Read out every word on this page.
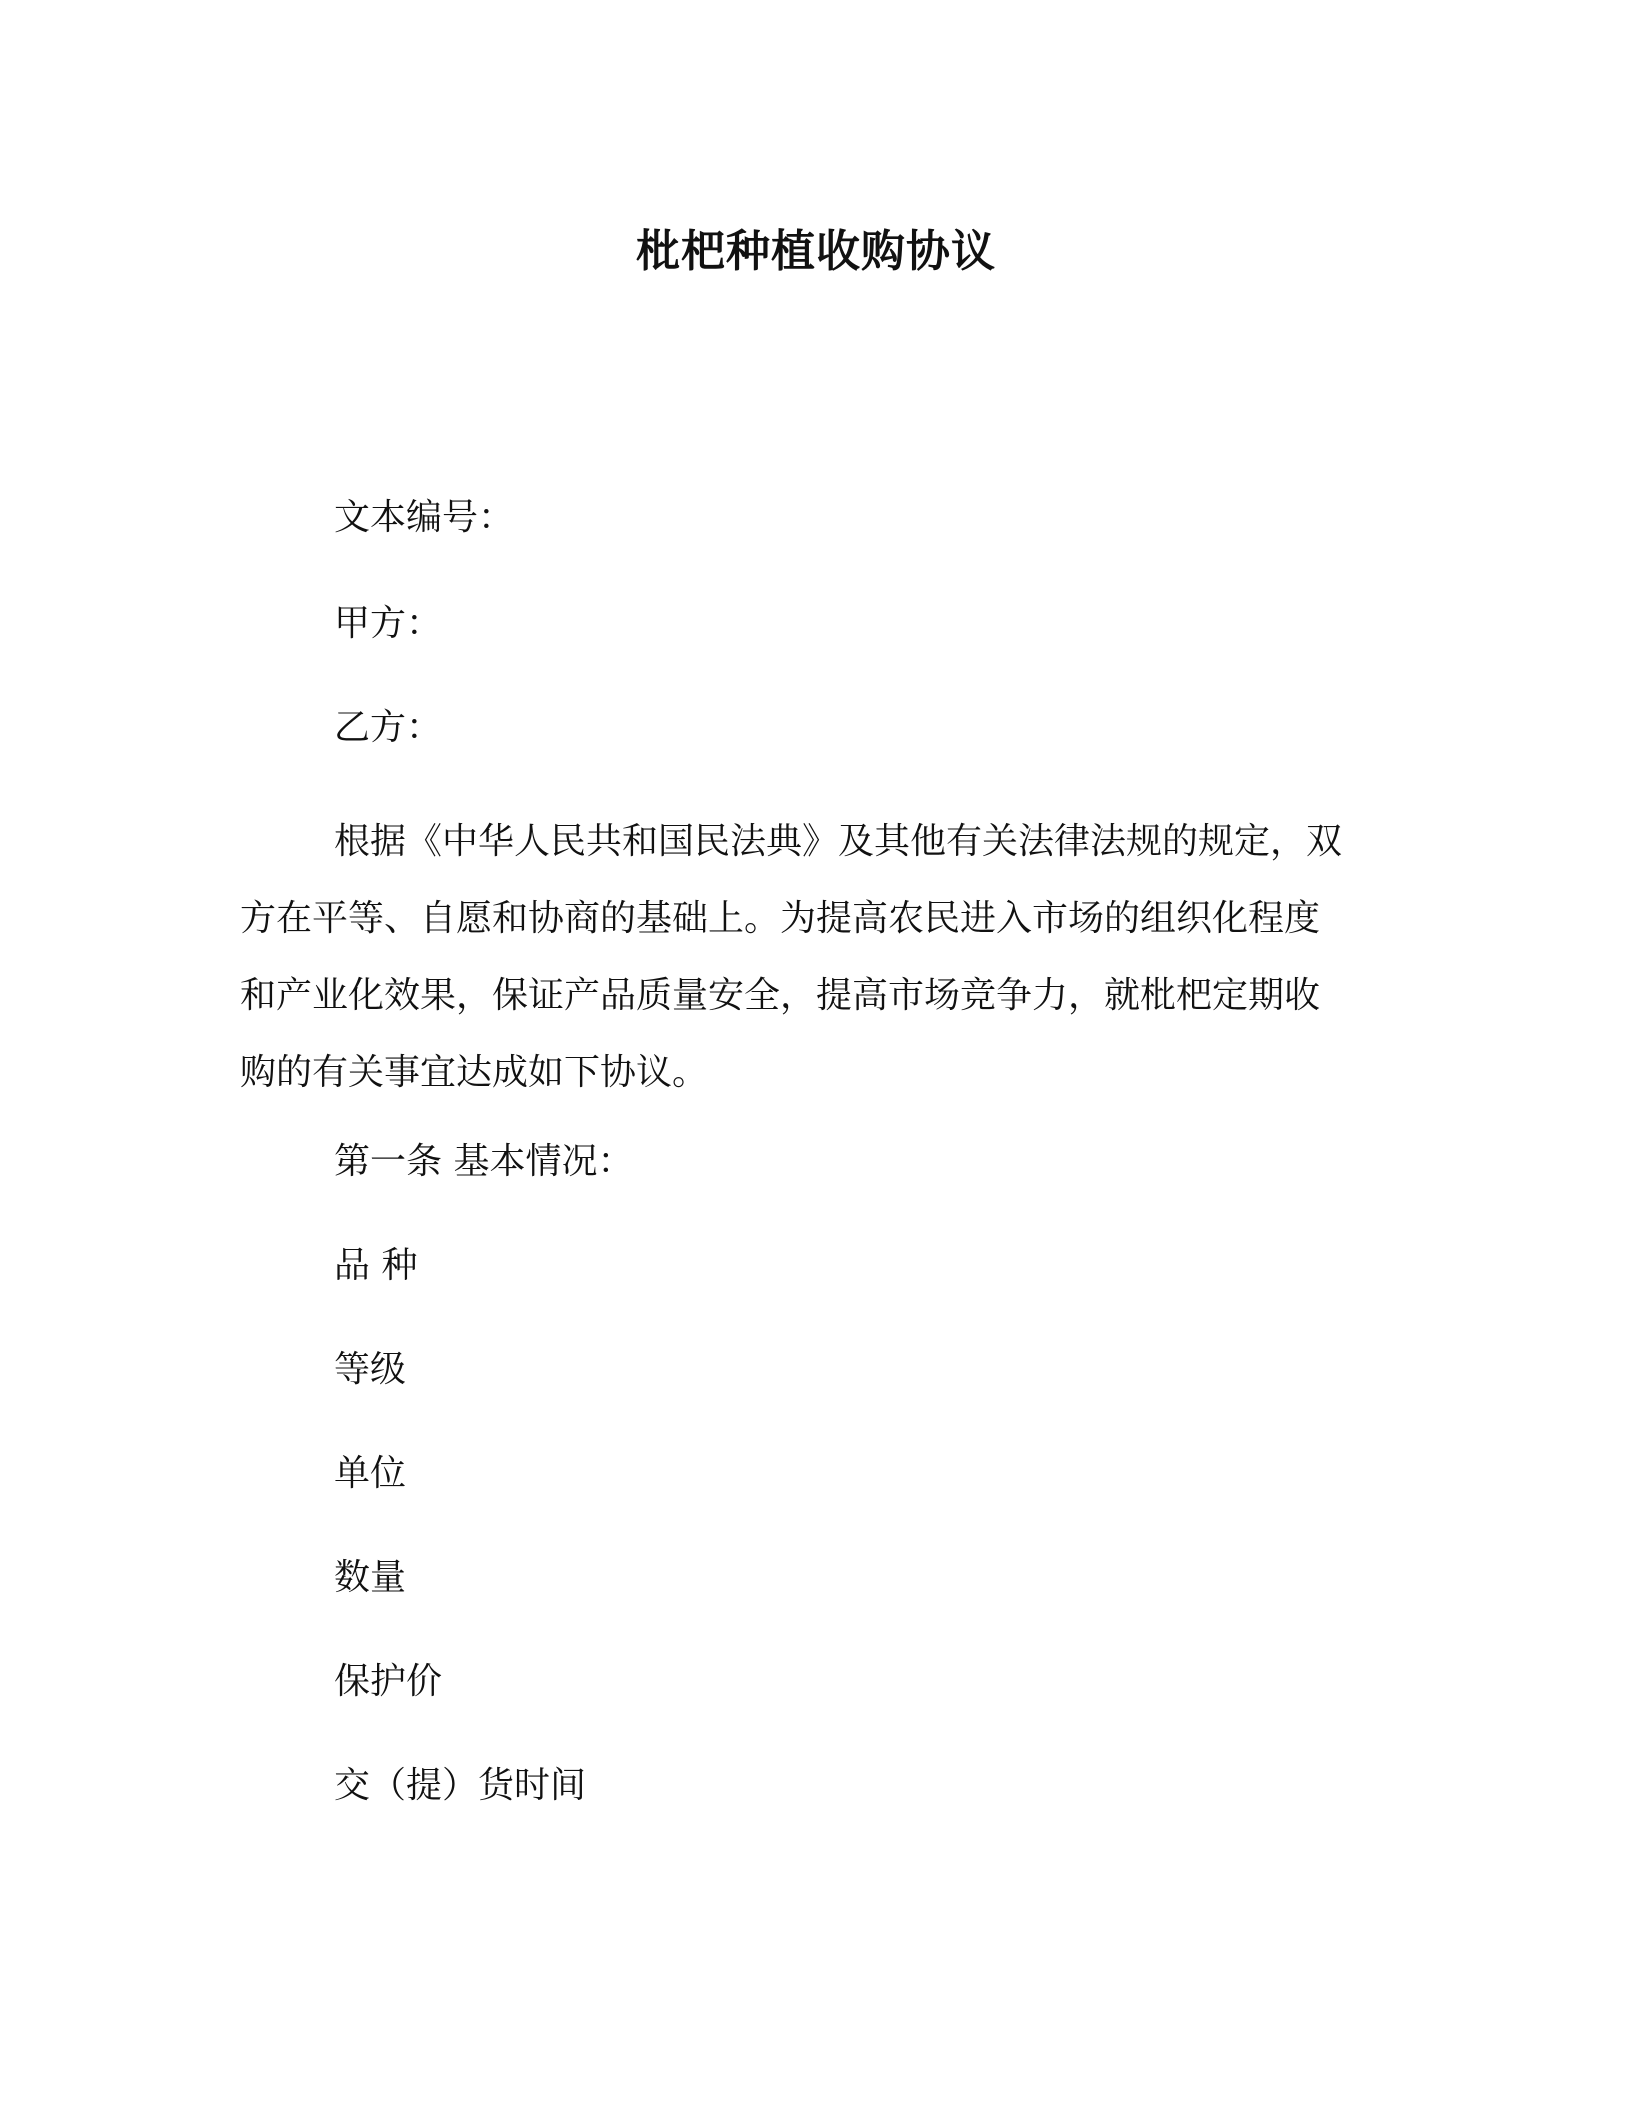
枇杷种植收购协议
文本编号：
甲方：
乙方：
根据《中华人民共和国民法典》及其他有关法律法规的规定，双
方在平等、自愿和协商的基础上。为提高农民进入市场的组织化程度
和产业化效果，保证产品质量安全，提高市场竞争力，就枇杷定期收
购的有关事宜达成如下协议。
第一条 基本情况：
品 种
等级
单位
数量
保护价
交（提）货时间
